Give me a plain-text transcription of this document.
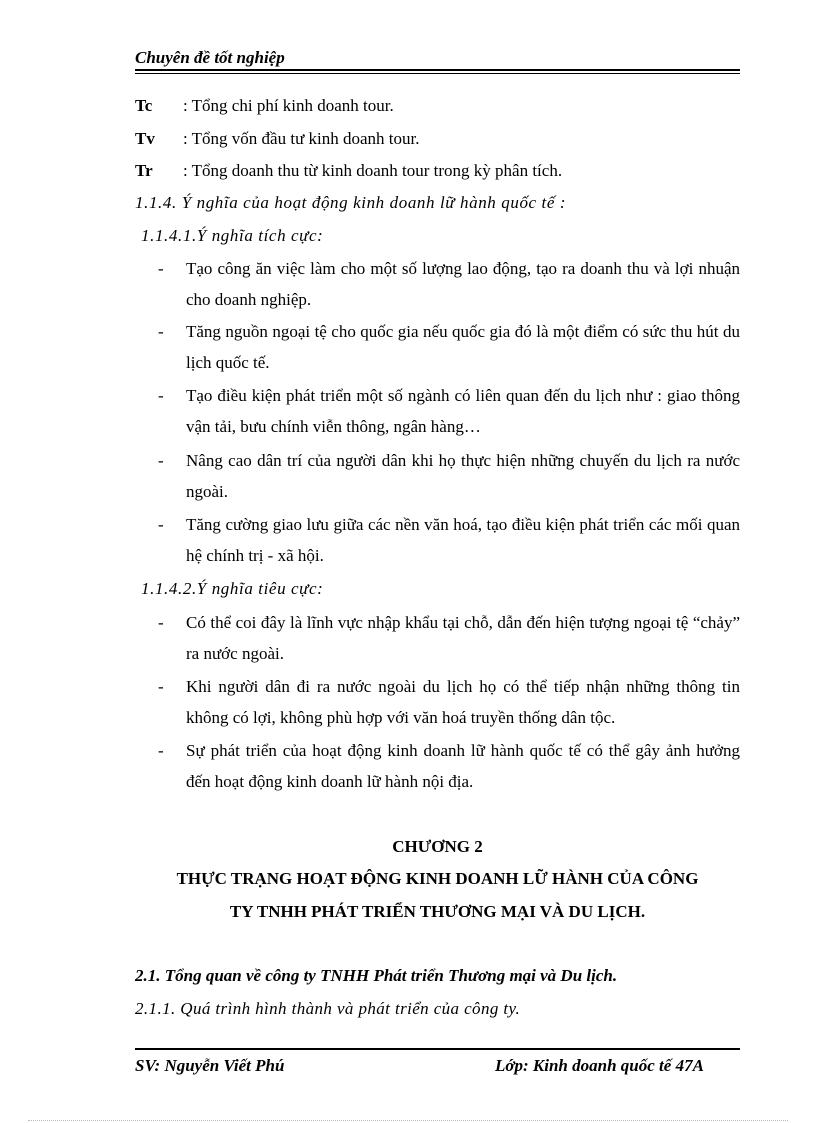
Chuyên đề tốt nghiệp
Tc : Tổng chi phí kinh doanh tour.
Tv : Tổng vốn đầu tư kinh doanh tour.
Tr : Tổng doanh thu từ kinh doanh tour trong kỳ phân tích.
1.1.4. Ý nghĩa của hoạt động kinh doanh lữ hành quốc tế :
1.1.4.1.Ý nghĩa tích cực:
- Tạo công ăn việc làm cho một số lượng lao động, tạo ra doanh thu và lợi nhuận cho doanh nghiệp.
- Tăng nguồn ngoại tệ cho quốc gia nếu quốc gia đó là một điểm có sức thu hút du lịch quốc tế.
- Tạo điều kiện phát triển một số ngành có liên quan đến du lịch như : giao thông vận tải, bưu chính viễn thông, ngân hàng…
- Nâng cao dân trí của người dân khi họ thực hiện những chuyến du lịch ra nước ngoài.
- Tăng cường giao lưu giữa các nền văn hoá, tạo điều kiện phát triển các mối quan hệ chính trị - xã hội.
1.1.4.2.Ý nghĩa tiêu cực:
- Có thể coi đây là lĩnh vực nhập khẩu tại chỗ, dẫn đến hiện tượng ngoại tệ “chảy” ra nước ngoài.
- Khi người dân đi ra nước ngoài du lịch họ có thể tiếp nhận những thông tin không có lợi, không phù hợp với văn hoá truyền thống dân tộc.
- Sự phát triển của hoạt động kinh doanh lữ hành quốc tế có thể gây ảnh hưởng đến hoạt động kinh doanh lữ hành nội địa.
CHƯƠNG 2
THỰC TRẠNG HOẠT ĐỘNG KINH DOANH LỮ HÀNH CỦA CÔNG
TY TNHH PHÁT TRIỂN THƯƠNG MẠI VÀ DU LỊCH.
2.1. Tổng quan về công ty TNHH Phát triển Thương mại và Du lịch.
2.1.1. Quá trình hình thành và phát triển của công ty.
SV: Nguyễn Viết Phú	Lớp: Kinh doanh quốc tế 47A
